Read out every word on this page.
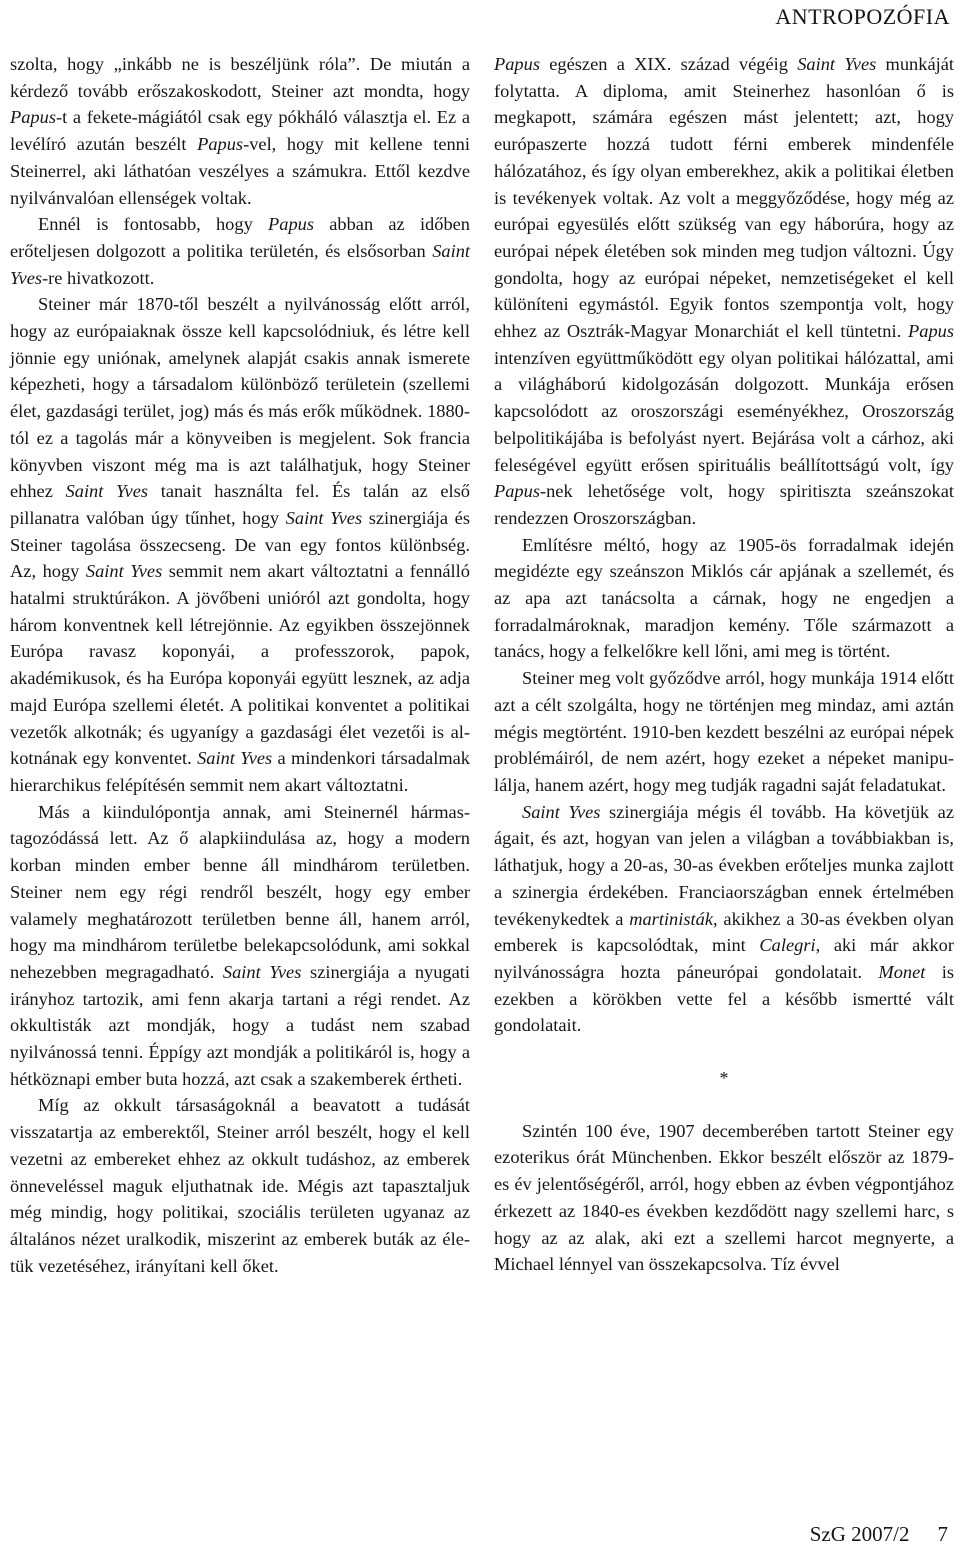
ANTROPOZÓFIA

szolta, hogy „inkább ne is beszéljünk róla”. De miután a kérdező tovább erőszakoskodott, Steiner azt mondta, hogy Papus-t a fekete-mágiától csak egy pókháló választja el. Ez a levélíró azután beszélt Papus-vel, hogy mit kellene tenni Steinerrel, aki láthatóan veszélyes a számukra. Ettől kezdve nyilvánvalóan ellenségek voltak.

Ennél is fontosabb, hogy Papus abban az időben erőteljesen dolgozott a politika területén, és elsősorban Saint Yves-re hivatkozott.

Steiner már 1870-től beszélt a nyilvánosság előtt arról, hogy az európaiaknak össze kell kapcsolódniuk, és létre kell jönnie egy uniónak, amelynek alapját csakis annak ismerete képezheti, hogy a társadalom különböző területein (szellemi élet, gazdasági terület, jog) más és más erők működnek. 1880-tól ez a tagolás már a könyveiben is megjelent. Sok francia könyvben viszont még ma is azt találhatjuk, hogy Steiner ehhez Saint Yves tanait használta fel. És talán az első pillanatra valóban úgy tűnhet, hogy Saint Yves szinergiája és Steiner tagolása összecseng. De van egy fontos különbség. Az, hogy Saint Yves semmit nem akart változtatni a fennálló hatalmi struktúrákon. A jövőbeni unióról azt gondolta, hogy három konventnek kell létrejönnie. Az egyikben összejönnek Európa ravasz koponyái, a professzorok, papok, akadémikusok, és ha Európa koponyái együtt lesznek, az adja majd Európa szellemi életét. A politikai konventet a politikai vezetők alkotnák; és ugyanígy a gazdasági élet vezetői is alkotnának egy konventet. Saint Yves a mindenkori társadalmak hierarchikus felépítésén semmit nem akart változtatni.

Más a kiindulópontja annak, ami Steinernél hármas-tagozódássá lett. Az ő alapkiindulása az, hogy a modern korban minden ember benne áll mindhárom területben. Steiner nem egy régi rendről beszélt, hogy egy ember valamely meghatározott területben benne áll, hanem arról, hogy ma mindhárom területbe belekapcsolódunk, ami sokkal nehezebben megragadható. Saint Yves szinergiája a nyugati irányhoz tartozik, ami fenn akarja tartani a régi rendet. Az okkultisták azt mondják, hogy a tudást nem szabad nyilvánossá tenni. Éppígy azt mondják a politikáról is, hogy a hétköznapi ember buta hozzá, azt csak a szakemberek értheti.

Míg az okkult társaságoknál a beavatott a tudását visszatartja az emberektől, Steiner arról beszélt, hogy el kell vezetni az embereket ehhez az okkult tudáshoz, az emberek önneveléssel maguk eljuthatnak ide. Mégis azt tapasztaljuk még mindig, hogy politikai, szociális területen ugyanaz az általános nézet uralkodik, miszerint az emberek buták az életük vezetéséhez, irányítani kell őket.

Papus egészen a XIX. század végéig Saint Yves munkáját folytatta. A diploma, amit Steinerhez hasonlóan ő is megkapott, számára egészen mást jelentett; azt, hogy európaszerte hozzá tudott férni emberek mindenféle hálózatához, és így olyan emberekhez, akik a politikai életben is tevékenyek voltak. Az volt a meggyőződése, hogy még az európai egyesülés előtt szükség van egy háborúra, hogy az európai népek életében sok minden meg tudjon változni. Úgy gondolta, hogy az európai népeket, nemzetiségeket el kell különíteni egymástól. Egyik fontos szempontja volt, hogy ehhez az Osztrák-Magyar Monarchiát el kell tüntetni. Papus intenzíven együttműködött egy olyan politikai hálózattal, ami a világháború kidolgozásán dolgozott. Munkája erősen kapcsolódott az oroszországi eseményékhez, Oroszország belpolitikájába is befolyást nyert. Bejárása volt a cárhoz, aki feleségével együtt erősen spirituális beállítottságú volt, így Papus-nek lehetősége volt, hogy spiritiszta szeánszokat rendezzen Oroszországban.

Említésre méltó, hogy az 1905-ös forradalmak idején megidézte egy szeánszon Miklós cár apjának a szellemét, és az apa azt tanácsolta a cárnak, hogy ne engedjen a forradalmároknak, maradjon kemény. Tőle származott a tanács, hogy a felkelőkre kell lőni, ami meg is történt.

Steiner meg volt győződve arról, hogy munkája 1914 előtt azt a célt szolgálta, hogy ne történjen meg mindaz, ami aztán mégis megtörtént. 1910-ben kezdett beszélni az európai népek problémáiról, de nem azért, hogy ezeket a népeket manipulálja, hanem azért, hogy meg tudják ragadni saját feladatukat.

Saint Yves szinergiája mégis él tovább. Ha követjük az ágait, és azt, hogyan van jelen a világban a továbbiakban is, láthatjuk, hogy a 20-as, 30-as években erőteljes munka zajlott a szinergia érdekében. Franciaországban ennek értelmében tevékenykedtek a martinisták, akikhez a 30-as években olyan emberek is kapcsolódtak, mint Calegri, aki már akkor nyilvánosságra hozta páneurópai gondolatait. Monet is ezekben a körökben vette fel a később ismertté vált gondolatait.

*

Szintén 100 éve, 1907 decemberében tartott Steiner egy ezoterikus órát Münchenben. Ekkor beszélt először az 1879-es év jelentőségéről, arról, hogy ebben az évben végpontjához érkezett az 1840-es években kezdődött nagy szellemi harc, s hogy az az alak, aki ezt a szellemi harcot megnyerte, a Michael lénnyel van összekapcsolva. Tíz évvel

SzG 2007/2 7
